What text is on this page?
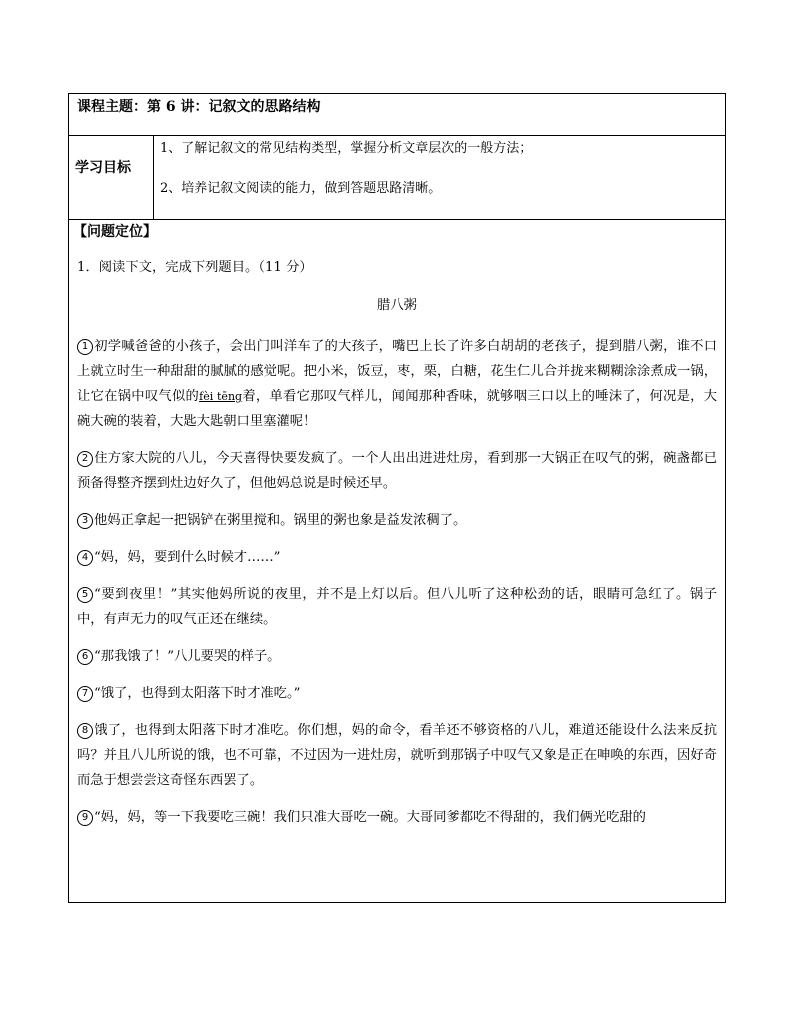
课程主题：第 6 讲：记叙文的思路结构
学习目标

1、了解记叙文的常见结构类型，掌握分析文章层次的一般方法；

2、培养记叙文阅读的能力，做到答题思路清晰。

【问题定位】
1．阅读下文，完成下列题目。（11 分）
腊八粥

1 初学喊爸爸的小孩子，会出门叫洋车了的大孩子，嘴巴上长了许多白胡胡的老孩子，提到腊八粥，谁不口上就立时生一种甜甜的腻腻的感觉呢。把小米，饭豆，枣，栗，白糖，花生仁儿合并拢来糊糊涂涂煮成一锅，让它在锅中叹气似的fèi tēng着，单看它那叹气样儿，闻闻那种香味，就够咽三口以上的唾沫了，何况是，大碗大碗的装着，大匙大匙朝口里塞灌呢！

2 住方家大院的八儿，今天喜得快要发疯了。一个人出出进进灶房，看到那一大锅正在叹气的粥，碗盏都已预备得整齐摆到灶边好久了，但他妈总说是时候还早。

3 他妈正拿起一把锅铲在粥里搅和。锅里的粥也象是益发浓稠了。

4 “妈，妈，要到什么时候才……”

5 “要到夜里！”其实他妈所说的夜里，并不是上灯以后。但八儿听了这种松劲的话，眼睛可急红了。锅子中，有声无力的叹气正还在继续。

6 “那我饿了！”八儿要哭的样子。

7 “饿了，也得到太阳落下时才准吃。”

8 饿了，也得到太阳落下时才准吃。你们想，妈的命令，看羊还不够资格的八儿，难道还能设什么法来反抗吗？并且八儿所说的饿，也不可靠，不过因为一进灶房，就听到那锅子中叹气又象是正在呻唤的东西，因好奇而急于想尝尝这奇怪东西罢了。

9 “妈，妈，等一下我要吃三碗！我们只准大哥吃一碗。大哥同爹都吃不得甜的，我们俩光吃甜的
